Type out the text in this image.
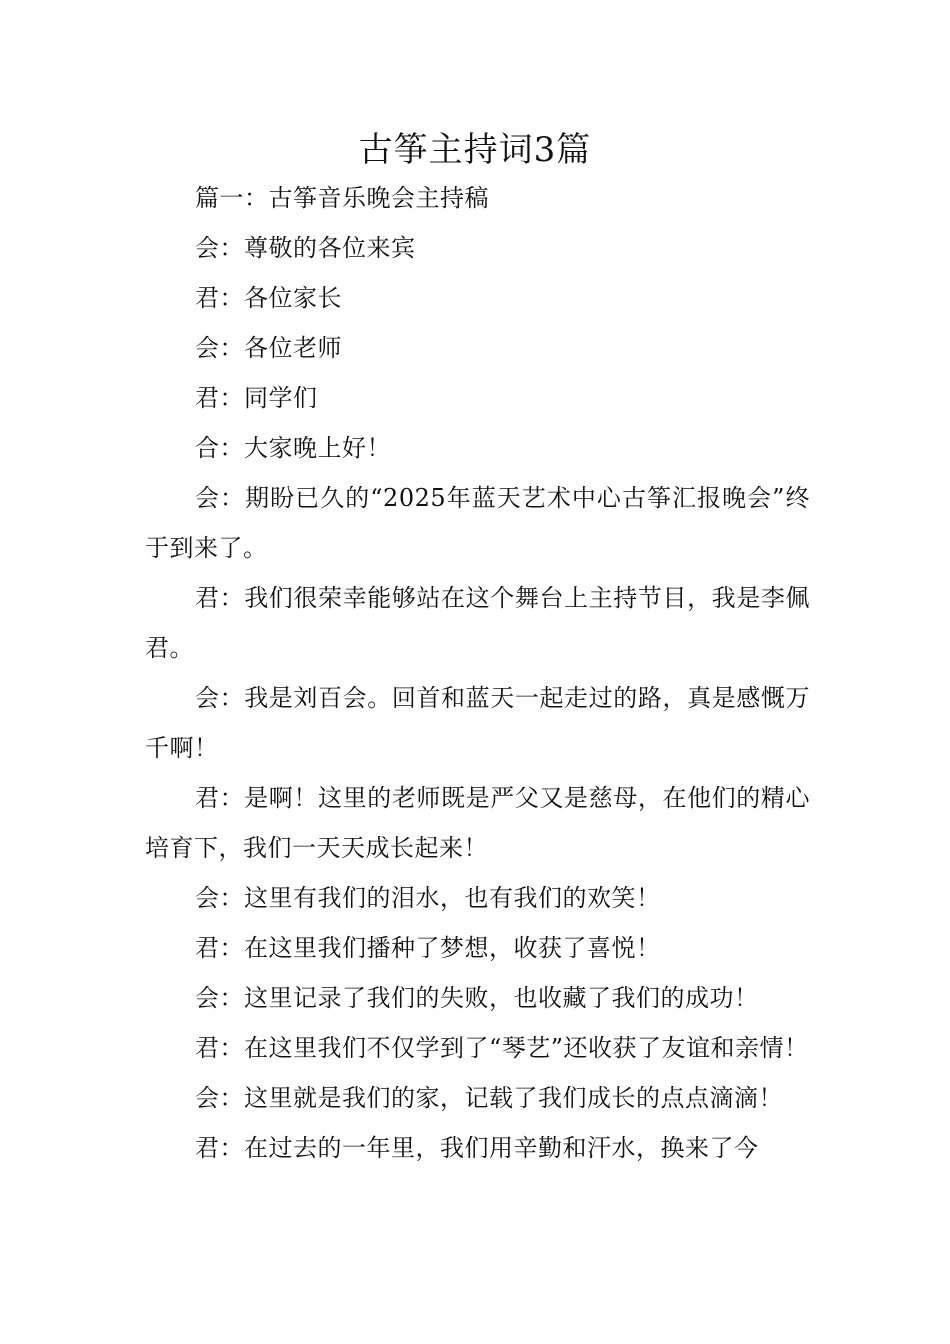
古筝主持词3篇

篇一：古筝音乐晚会主持稿

会：尊敬的各位来宾

君：各位家长

会：各位老师

君：同学们

合：大家晚上好！

会：期盼已久的“2025年蓝天艺术中心古筝汇报晚会”终于到来了。

君：我们很荣幸能够站在这个舞台上主持节目，我是李佩君。

会：我是刘百会。回首和蓝天一起走过的路，真是感慨万千啊！

君：是啊！这里的老师既是严父又是慈母，在他们的精心培育下，我们一天天成长起来！

会：这里有我们的泪水，也有我们的欢笑！

君：在这里我们播种了梦想，收获了喜悦！

会：这里记录了我们的失败，也收藏了我们的成功！

君：在这里我们不仅学到了“琴艺”还收获了友谊和亲情！

会：这里就是我们的家，记载了我们成长的点点滴滴！

君：在过去的一年里，我们用辛勤和汗水，换来了今
